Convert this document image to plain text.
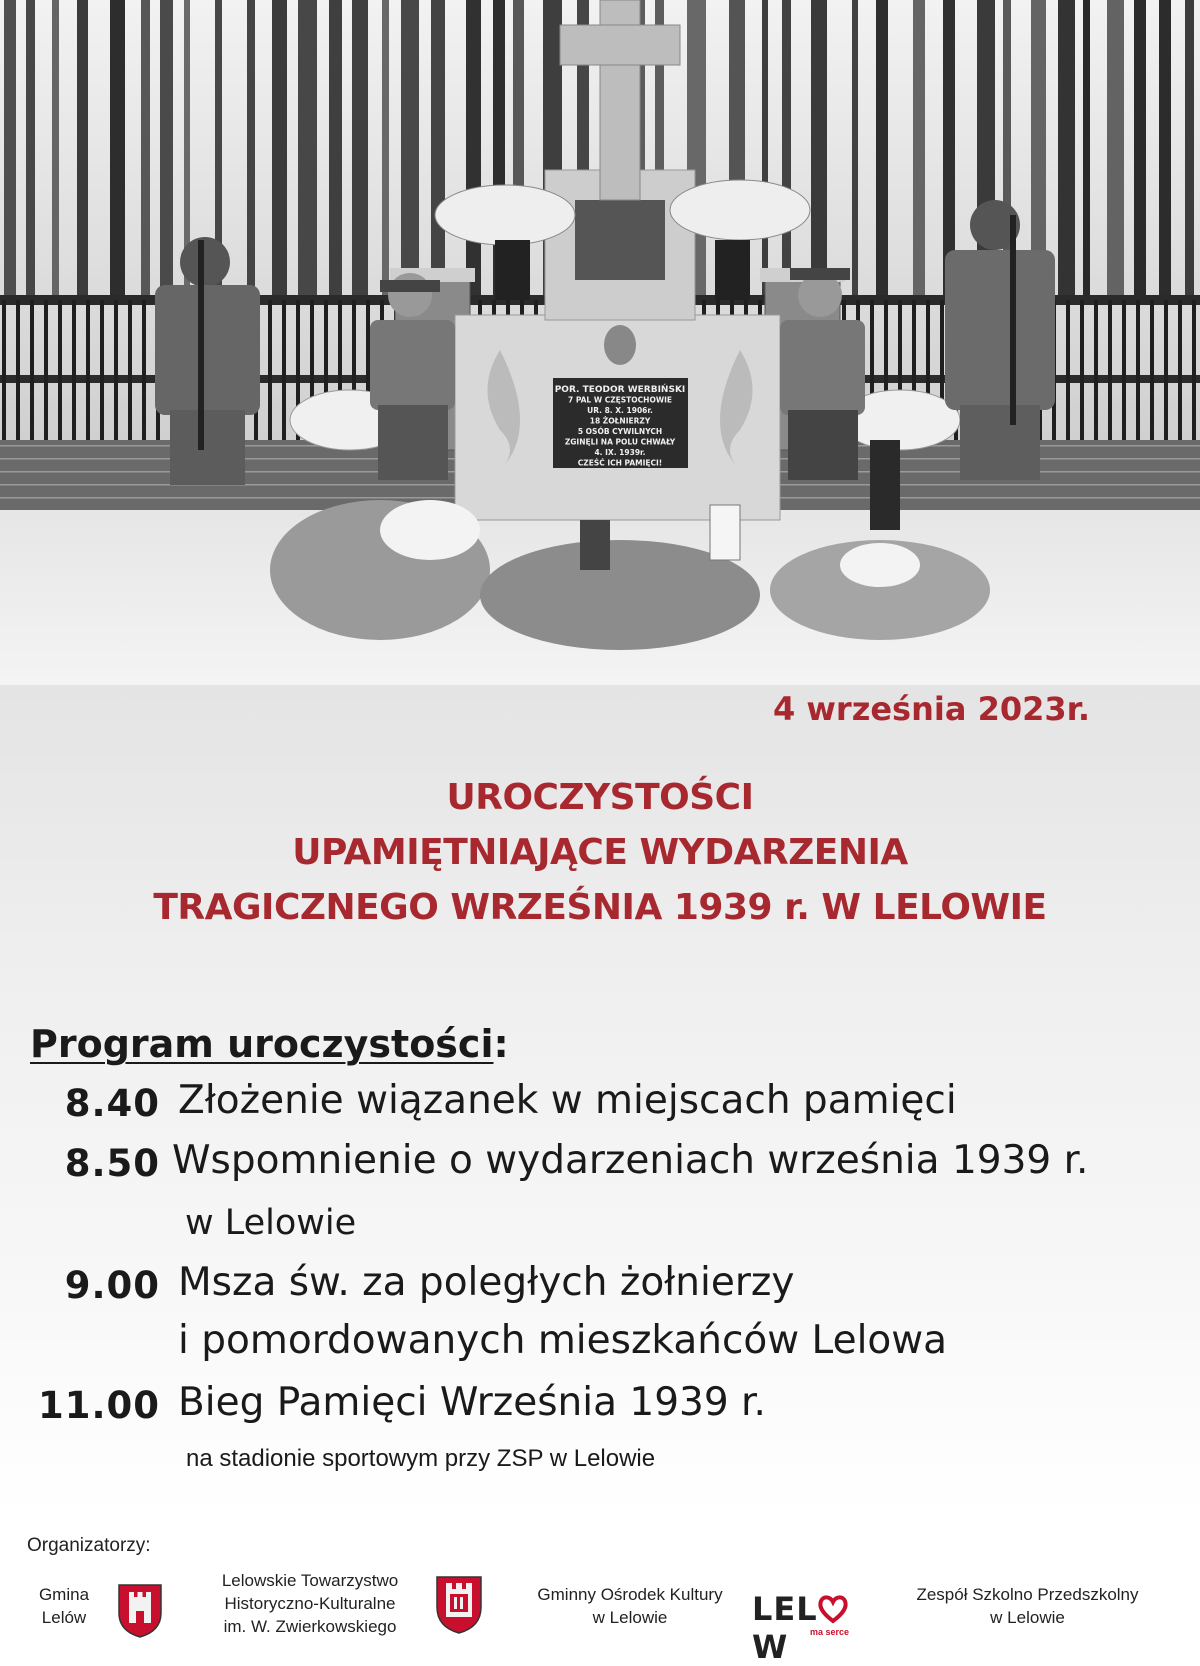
POR. TEODOR WERBIŃSKI
7 PAL W CZĘSTOCHOWIE
UR. 8. X. 1906r.
18 ŻOŁNIERZY
5 OSÓB CYWILNYCH
ZGINĘLI NA POLU CHWAŁY
4. IX. 1939r.
CZEŚĆ ICH PAMIĘCI!
4 września 2023r.
UROCZYSTOŚCI
UPAMIĘTNIAJĄCE WYDARZENIA
TRAGICZNEGO WRZEŚNIA 1939 r. W LELOWIE
Program uroczystości:
8.40 Złożenie wiązanek w miejscach pamięci
8.50 Wspomnienie o wydarzeniach września 1939 r.
w Lelowie
9.00 Msza św. za poległych żołnierzy
i pomordowanych mieszkańców Lelowa
11.00 Bieg Pamięci Września 1939 r.
na stadionie sportowym przy ZSP w Lelowie
Organizatorzy:
Gmina
Lelów
Lelowskie Towarzystwo
Historyczno-Kulturalne
im. W. Zwierkowskiego
Gminny Ośrodek Kultury
w Lelowie	LELW ma serce
Zespół Szkolno Przedszkolny
w Lelowie
